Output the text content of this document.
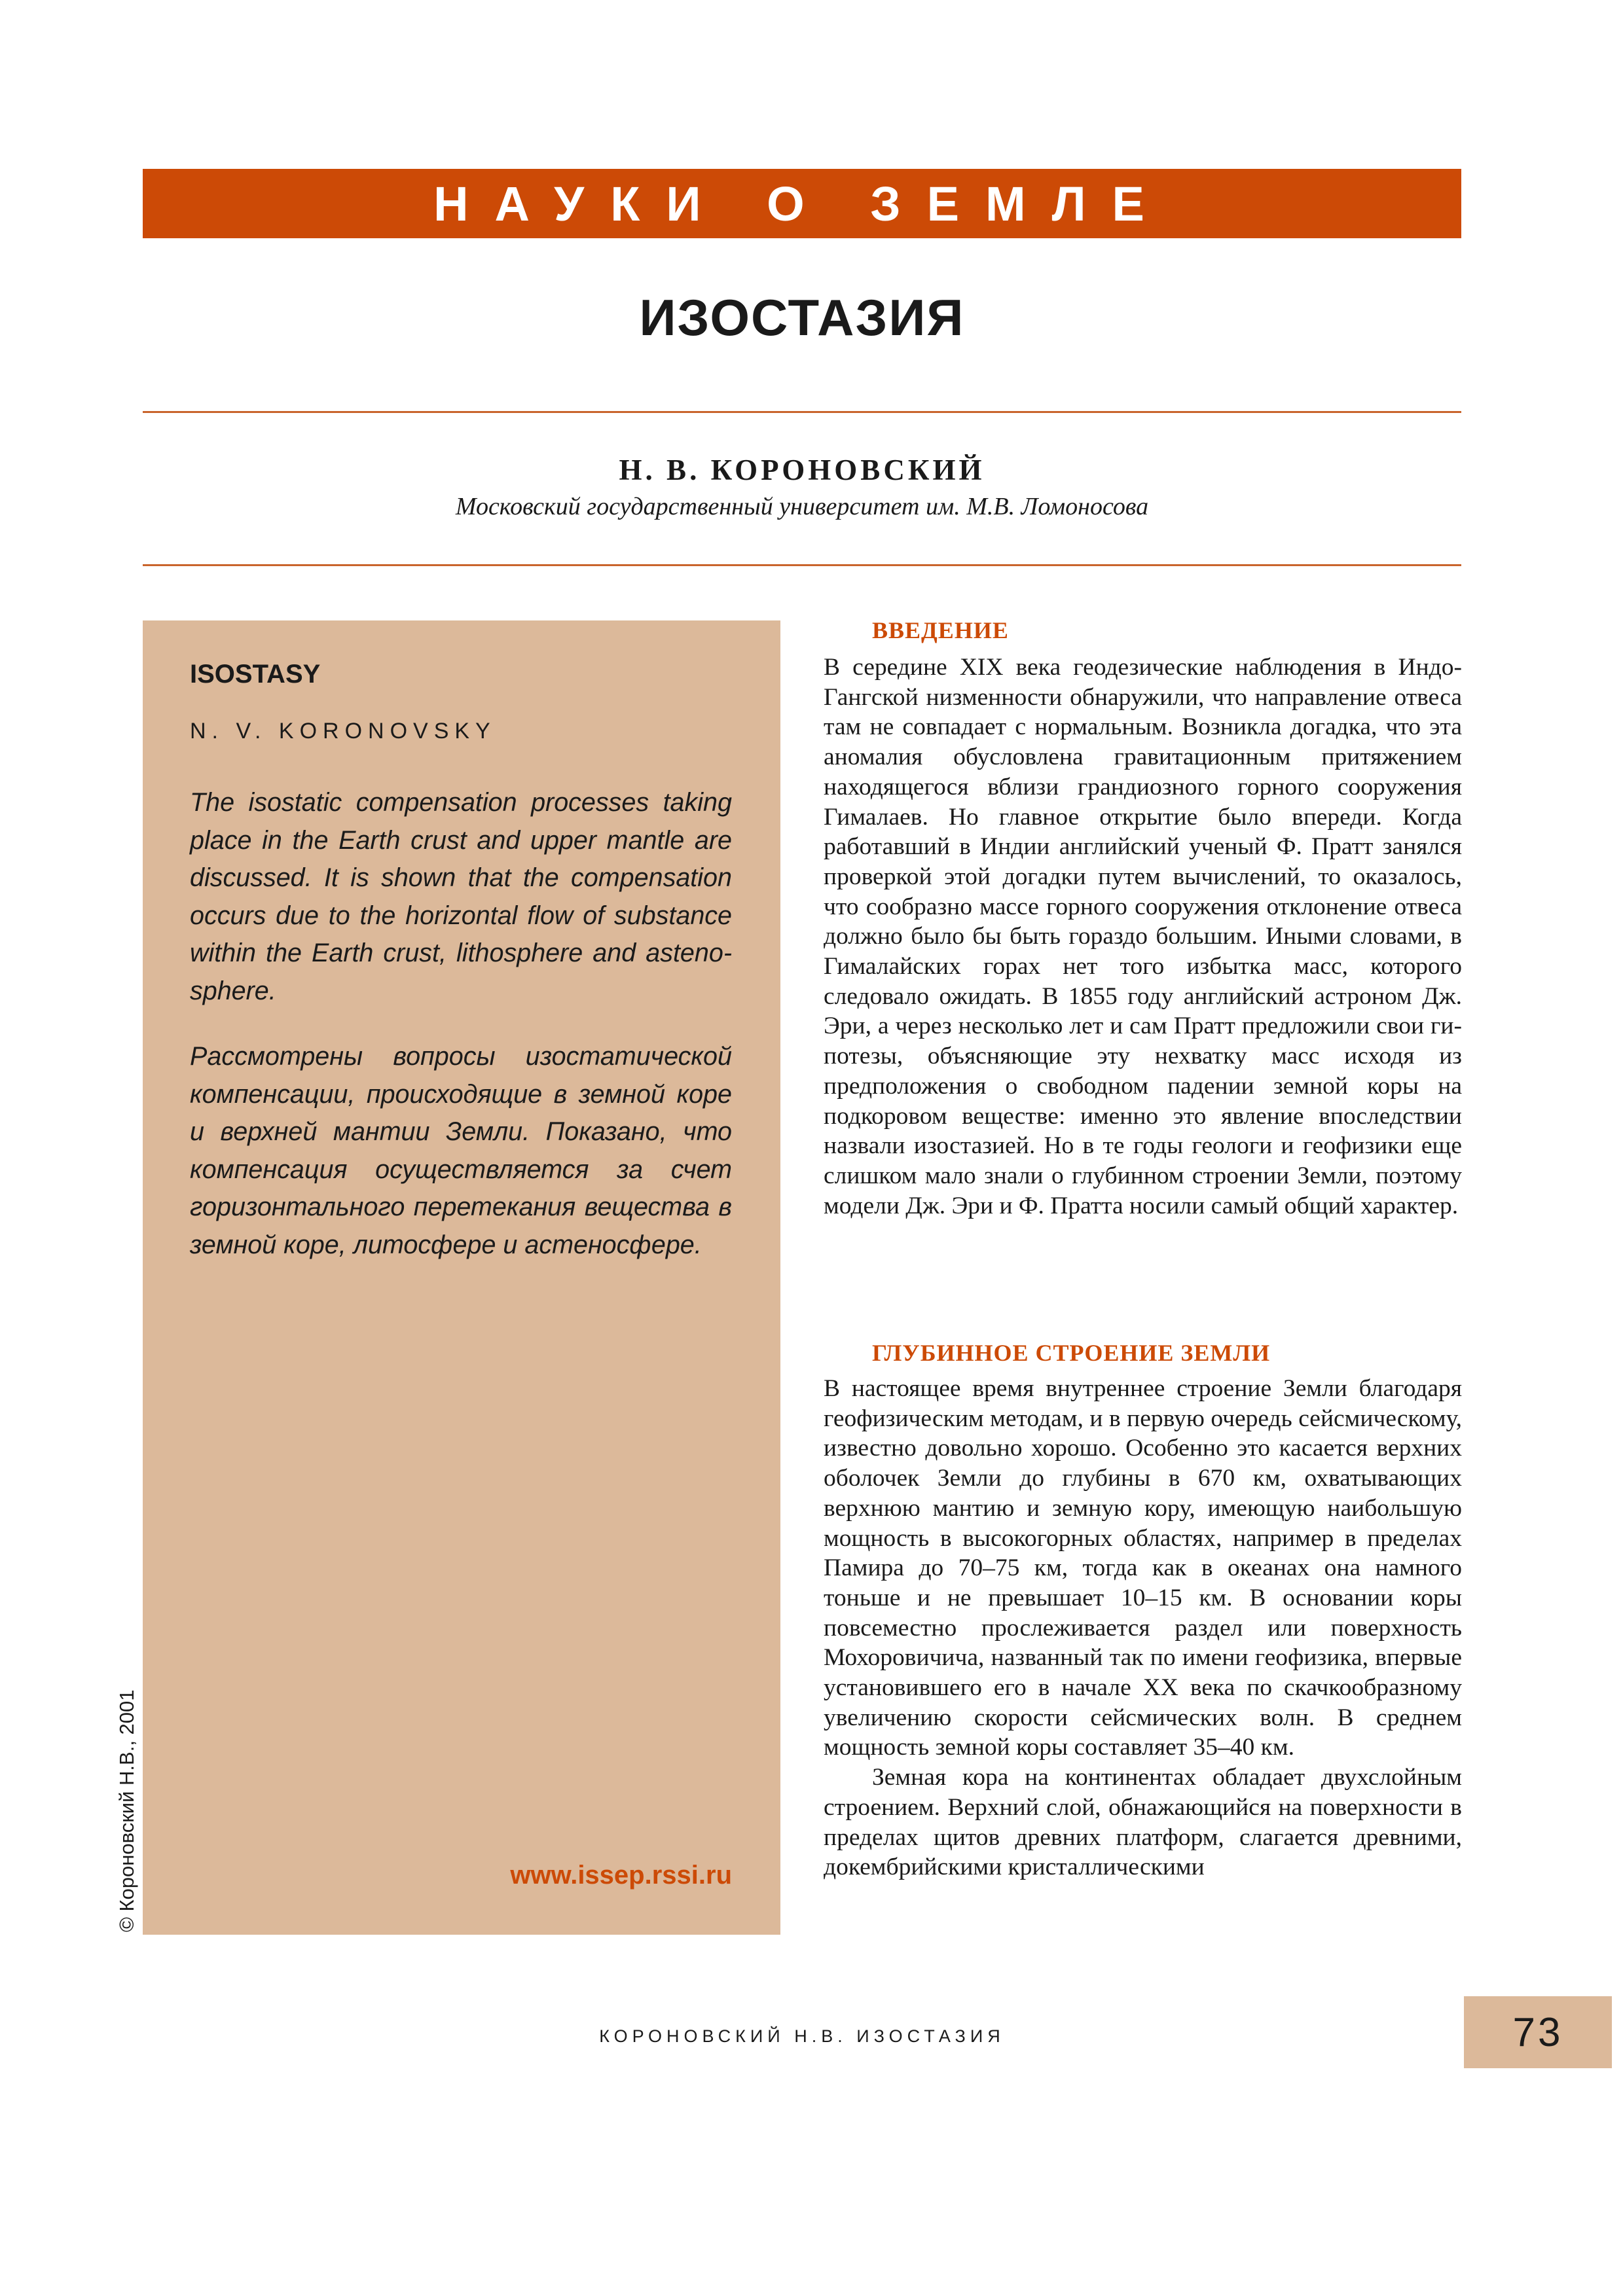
НАУКИ О ЗЕМЛЕ
ИЗОСТАЗИЯ
Н. В. КОРОНОВСКИЙ
Московский государственный университет им. М.В. Ломоносова
ISOSTASY
N. V. KORONOVSKY
The isostatic compensation processes taking place in the Earth crust and upper mantle are discussed. It is shown that the compensation occurs due to the horizontal flow of substance within the Earth crust, lithosphere and astenosphere.
Рассмотрены вопросы изостатической компенсации, происходящие в земной коре и верхней мантии Земли. Показано, что компенсация осуществляется за счет горизонтального перетекания вещества в земной коре, литосфере и астеносфере.
www.issep.rssi.ru
© Короновский Н.В., 2001
ВВЕДЕНИЕ

В середине XIX века геодезические наблюдения в Индо-Гангской низменности обнаружили, что направление отвеса там не совпадает с нормальным. Возникла догадка, что эта аномалия обусловлена гравитационным притяжением находящегося вблизи грандиозного горного сооружения Гималаев. Но главное открытие было впереди. Когда работавший в Индии английский ученый Ф. Пратт занялся проверкой этой догадки путем вычислений, то оказалось, что сообразно массе горного сооружения отклонение отвеса должно было бы быть гораздо большим. Иными словами, в Гималайских горах нет того избытка масс, которого следовало ожидать. В 1855 году английский астроном Дж. Эри, а через несколько лет и сам Пратт предложили свои гипотезы, объясняющие эту нехватку масс исходя из предположения о свободном падении земной коры на подкоровом веществе: именно это явление впоследствии назвали изостазией. Но в те годы геологи и геофизики еще слишком мало знали о глубинном строении Земли, поэтому модели Дж. Эри и Ф. Пратта носили самый общий характер.

ГЛУБИННОЕ СТРОЕНИЕ ЗЕМЛИ

В настоящее время внутреннее строение Земли благодаря геофизическим методам, и в первую очередь сейсмическому, известно довольно хорошо. Особенно это касается верхних оболочек Земли до глубины в 670 км, охватывающих верхнюю мантию и земную кору, имеющую наибольшую мощность в высокогорных областях, например в пределах Памира до 70–75 км, тогда как в океанах она намного тоньше и не превышает 10–15 км. В основании коры повсеместно прослеживается раздел или поверхность Мохоровичича, названный так по имени геофизика, впервые установившего его в начале XX века по скачкообразному увеличению скорости сейсмических волн. В среднем мощность земной коры составляет 35–40 км.

Земная кора на континентах обладает двухслойным строением. Верхний слой, обнажающийся на поверхности в пределах щитов древних платформ, слагается древними, докембрийскими кристаллическими

КОРОНОВСКИЙ Н.В. ИЗОСТАЗИЯ	73
